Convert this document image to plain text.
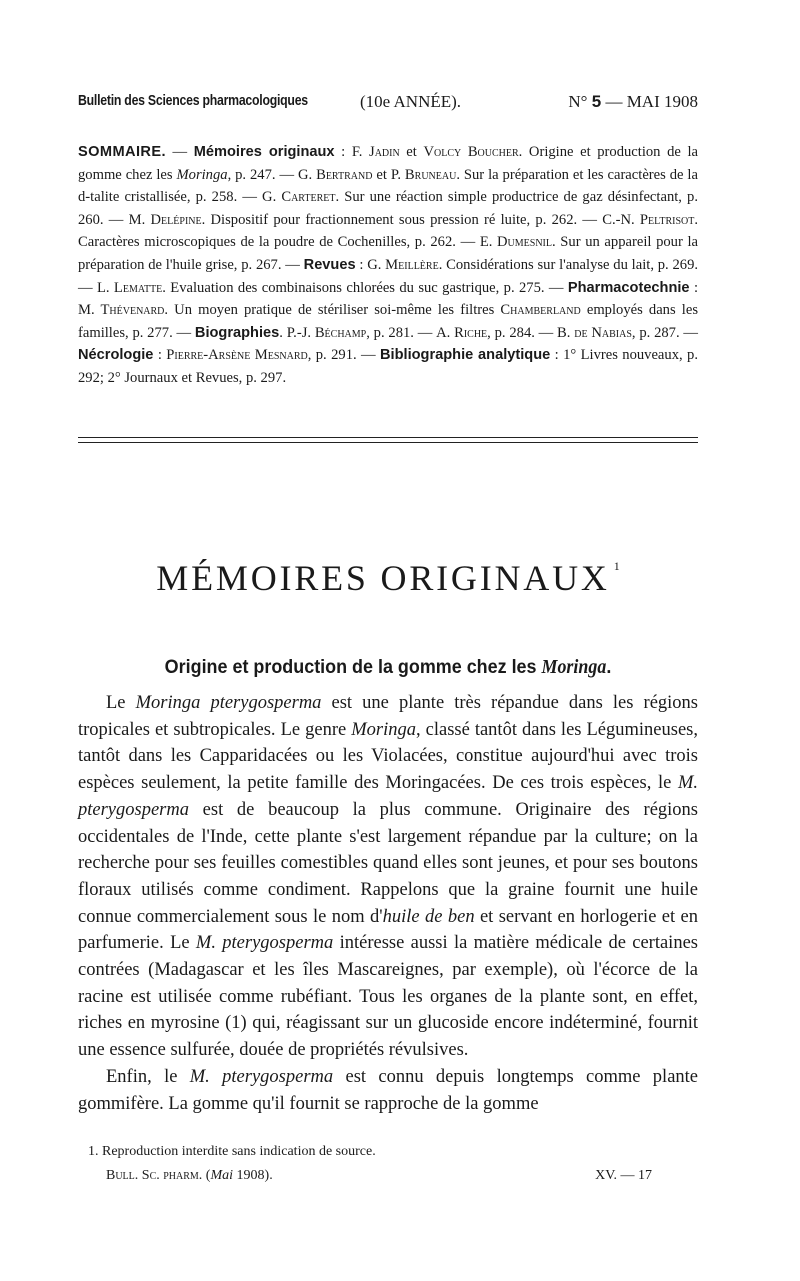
Bulletin des Sciences pharmacologiques	(10e ANNÉE).	N° 5 — MAI 1908
SOMMAIRE. — Mémoires originaux : F. Jadin et Volcy Boucher. Origine et production de la gomme chez les Moringa, p. 247. — G. Bertrand et P. Bruneau. Sur la préparation et les caractères de la d-talite cristallisée, p. 258. — G. Carteret. Sur une réaction simple productrice de gaz désinfectant, p. 260. — M. Delépine. Dispositif pour fractionnement sous pression ré luite, p. 262. — C.-N. Peltrisot. Caractères microscopiques de la poudre de Cochenilles, p. 262. — E. Dumesnil. Sur un appareil pour la préparation de l'huile grise, p. 267. — Revues : G. Meillère. Considérations sur l'analyse du lait, p. 269. — L. Lematte. Evaluation des combinaisons chlorées du suc gastrique, p. 275. — Pharmacotechnie : M. Thévenard. Un moyen pratique de stériliser soi-même les filtres Chamberland employés dans les familles, p. 277. — Biographies. P.-J. Béchamp, p. 281. — A. Riche, p. 284. — B. de Nabias, p. 287. — Nécrologie : Pierre-Arsène Mesnard, p. 291. — Bibliographie analytique : 1° Livres nouveaux, p. 292; 2° Journaux et Revues, p. 297.
MÉMOIRES ORIGINAUX $^1$
Origine et production de la gomme chez les Moringa.

Le Moringa pterygosperma est une plante très répandue dans les régions tropicales et subtropicales. Le genre Moringa, classé tantôt dans les Légumineuses, tantôt dans les Capparidacées ou les Violacées, constitue aujourd'hui avec trois espèces seulement, la petite famille des Moringacées. De ces trois espèces, le M. pterygosperma est de beaucoup la plus commune. Originaire des régions occidentales de l'Inde, cette plante s'est largement répandue par la culture; on la recherche pour ses feuilles comestibles quand elles sont jeunes, et pour ses boutons floraux utilisés comme condiment. Rappelons que la graine fournit une huile connue commercialement sous le nom d'huile de ben et servant en horlogerie et en parfumerie. Le M. pterygosperma intéresse aussi la matière médicale de certaines contrées (Madagascar et les îles Mascareignes, par exemple), où l'écorce de la racine est utilisée comme rubéfiant. Tous les organes de la plante sont, en effet, riches en myrosine (1) qui, réagissant sur un glucoside encore indéterminé, fournit une essence sulfurée, douée de propriétés révulsives.

Enfin, le M. pterygosperma est connu depuis longtemps comme plante gommifère. La gomme qu'il fournit se rapproche de la gomme

1. Reproduction interdite sans indication de source.
Bull. Sc. pharm. (Mai 1908).	XV. — 17
